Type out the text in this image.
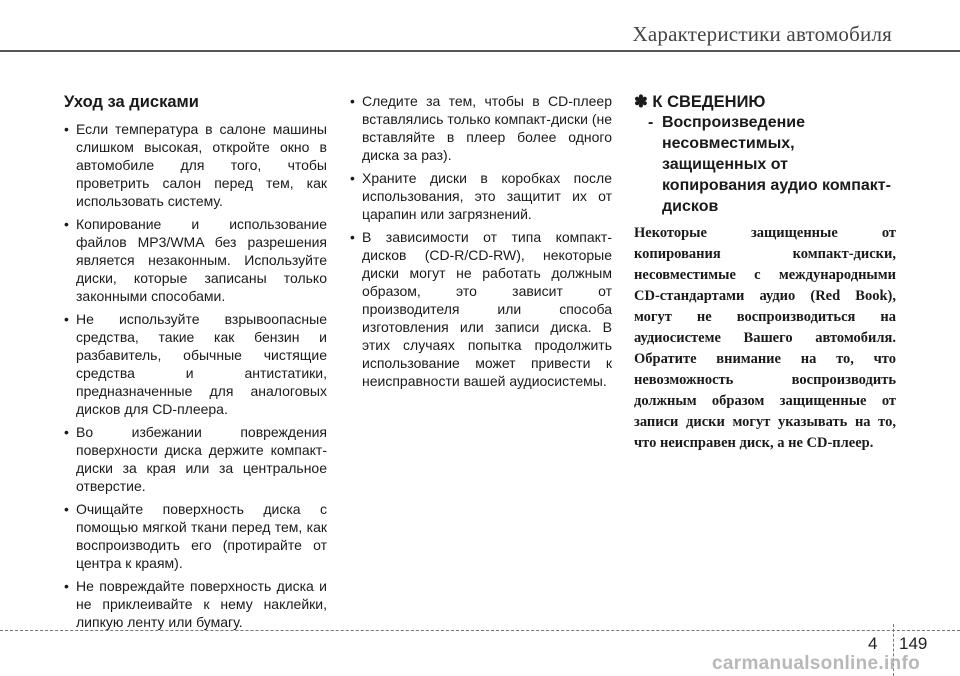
Характеристики автомобиля
Уход за дисками
• Если температура в салоне машины слишком высокая, откройте окно в автомобиле для того, чтобы проветрить салон перед тем, как использовать систему.
• Копирование и использование файлов MP3/WMA без разрешения является незаконным. Используйте диски, которые записаны только законными способами.
• Не используйте взрывоопасные средства, такие как бензин и разбавитель, обычные чистящие средства и антистатики, предназначенные для аналоговых дисков для CD-плеера.
• Во избежании повреждения поверхности диска держите компакт-диски за края или за центральное отверстие.
• Очищайте поверхность диска с помощью мягкой ткани перед тем, как воспроизводить его (протирайте от центра к краям).
• Не повреждайте поверхность диска и не приклеивайте к нему наклейки, липкую ленту или бумагу.
• Следите за тем, чтобы в CD-плеер вставлялись только компакт-диски (не вставляйте в плеер более одного диска за раз).
• Храните диски в коробках после использования, это защитит их от царапин или загрязнений.
• В зависимости от типа компакт-дисков (CD-R/CD-RW), некоторые диски могут не работать должным образом, это зависит от производителя или способа изготовления или записи диска. В этих случаях попытка продолжить использование может привести к неисправности вашей аудиосистемы.
✽ К СВЕДЕНИЮ
- Воспроизведение несовместимых, защищенных от копирования аудио компакт-дисков

Некоторые защищенные от копирования компакт-диски, несовместимые с международными CD-стандартами аудио (Red Book), могут не воспроизводиться на аудиосистеме Вашего автомобиля. Обратите внимание на то, что невозможность воспроизводить должным образом защищенные от записи диски могут указывать на то, что неисправен диск, а не CD-плеер.

4 149
carmanualsonline.info
